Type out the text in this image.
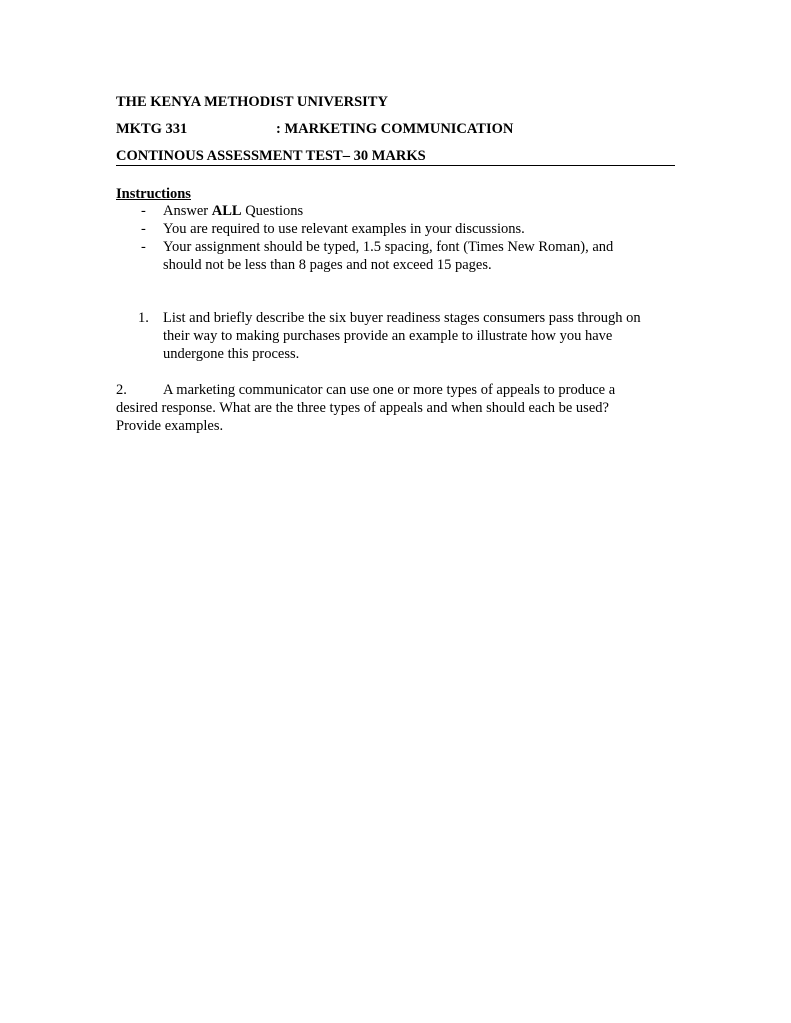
THE KENYA METHODIST UNIVERSITY
MKTG 331	: MARKETING COMMUNICATION
CONTINOUS ASSESSMENT TEST– 30 MARKS
Instructions
- Answer ALL Questions
- You are required to use relevant examples in your discussions.
- Your assignment should be typed, 1.5 spacing, font (Times New Roman), and
should not be less than 8 pages and not exceed 15 pages.
1. List and briefly describe the six buyer readiness stages consumers pass through on
their way to making purchases provide an example to illustrate how you have
undergone this process.
2. A marketing communicator can use one or more types of appeals to produce a
desired response. What are the three types of appeals and when should each be used?
Provide examples.
